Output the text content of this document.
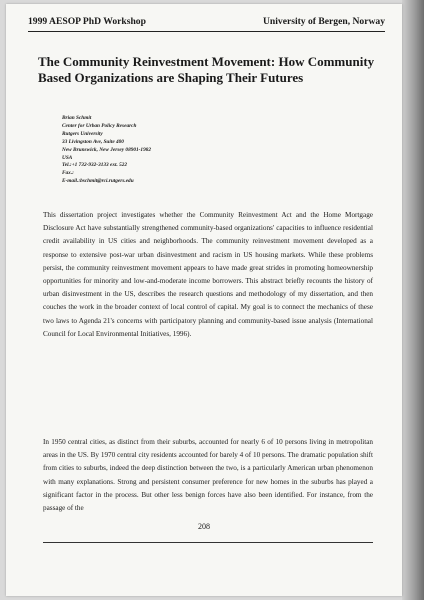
1999 AESOP PhD Workshop	University of Bergen, Norway
The Community Reinvestment Movement: How Community Based Organizations are Shaping Their Futures
Brian Schmit
Center for Urban Policy Research
Rutgers University
33 Livingston Ave, Suite 400
New Brunswick, New Jersey 08901-1982
USA
Tel.:+1 732-932-3133 ext. 522
Fax.:
E-mail.:bschmit@rci.rutgers.edu

This dissertation project investigates whether the Community Reinvestment Act and the Home Mortgage Disclosure Act have substantially strengthened community-based organizations' capacities to influence residential credit availability in US cities and neighborhoods. The community reinvestment movement developed as a response to extensive post-war urban disinvestment and racism in US housing markets. While these problems persist, the community reinvestment movement appears to have made great strides in promoting homeownership opportunities for minority and low-and-moderate income borrowers. This abstract briefly recounts the history of urban disinvestment in the US, describes the research questions and methodology of my dissertation, and then couches the work in the broader context of local control of capital. My goal is to connect the mechanics of these two laws to Agenda 21's concerns with participatory planning and community-based issue analysis (International Council for Local Environmental Initiatives, 1996).

In 1950 central cities, as distinct from their suburbs, accounted for nearly 6 of 10 persons living in metropolitan areas in the US. By 1970 central city residents accounted for barely 4 of 10 persons. The dramatic population shift from cities to suburbs, indeed the deep distinction between the two, is a particularly American urban phenomenon with many explanations. Strong and persistent consumer preference for new homes in the suburbs has played a significant factor in the process. But other less benign forces have also been identified. For instance, from the passage of the

208
